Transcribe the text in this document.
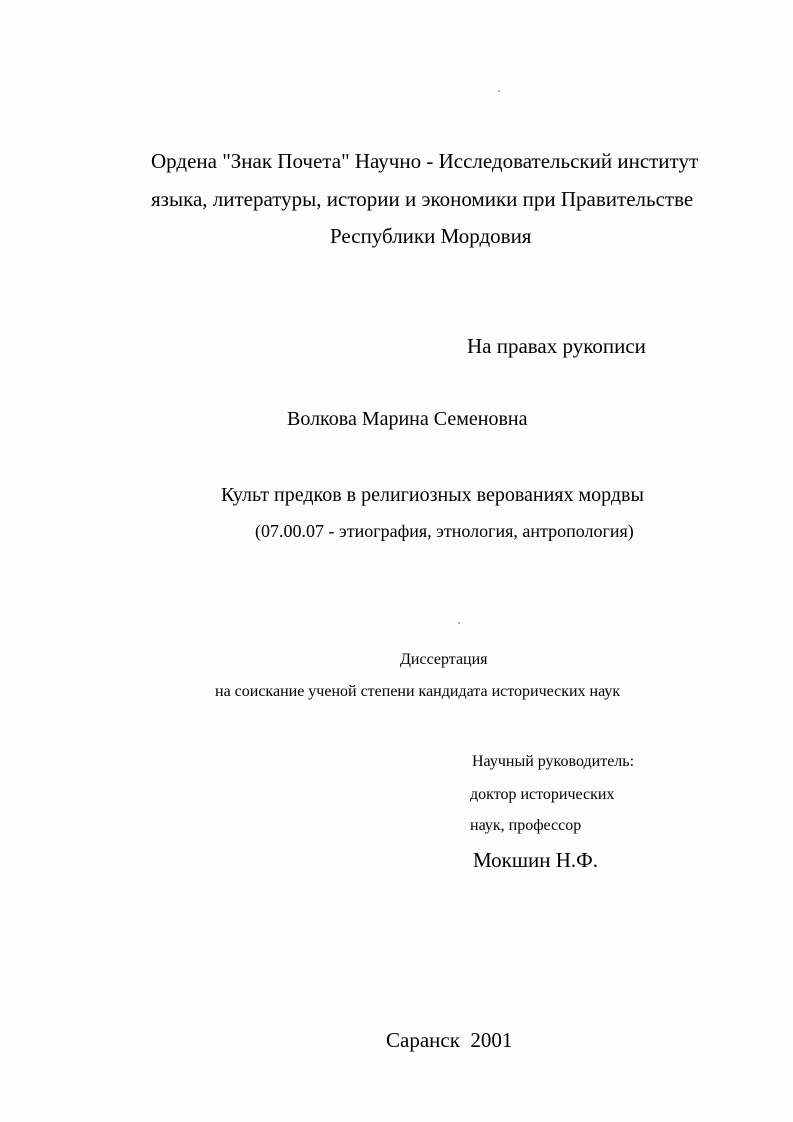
Ордена "Знак Почета" Научно - Исследовательский институт
языка, литературы, истории и экономики при Правительстве
Республики Мордовия
На правах рукописи
Волкова Марина Семеновна
Культ предков в религиозных верованиях мордвы
(07.00.07 - этиография, этнология, антропология)
Диссертация
на соискание ученой степени кандидата исторических наук
Научный руководитель:
доктор исторических
наук, профессор
Мокшин Н.Ф.
Саранск  2001
